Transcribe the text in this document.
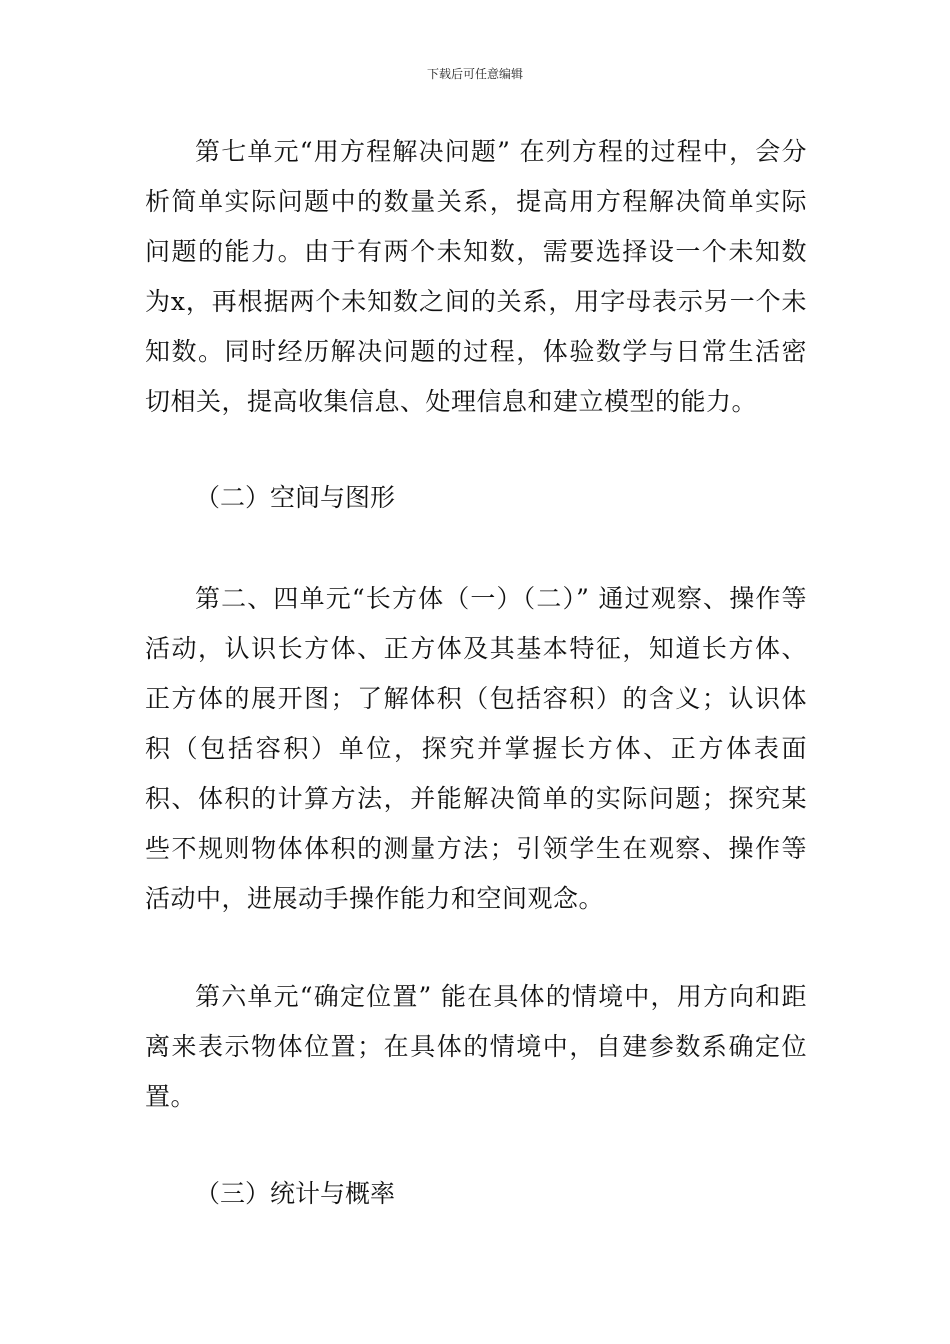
下载后可任意编辑

第七单元“用方程解决问题” 在列方程的过程中，会分析简单实际问题中的数量关系，提高用方程解决简单实际问题的能力。由于有两个未知数，需要选择设一个未知数为x，再根据两个未知数之间的关系，用字母表示另一个未知数。同时经历解决问题的过程，体验数学与日常生活密切相关，提高收集信息、处理信息和建立模型的能力。

（二）空间与图形

第二、四单元“长方体（一）（二）” 通过观察、操作等活动，认识长方体、正方体及其基本特征，知道长方体、正方体的展开图；了解体积（包括容积）的含义；认识体积（包括容积）单位，探究并掌握长方体、正方体表面积、体积的计算方法，并能解决简单的实际问题；探究某些不规则物体体积的测量方法；引领学生在观察、操作等活动中，进展动手操作能力和空间观念。

第六单元“确定位置” 能在具体的情境中，用方向和距离来表示物体位置；在具体的情境中，自建参数系确定位置。

（三）统计与概率
